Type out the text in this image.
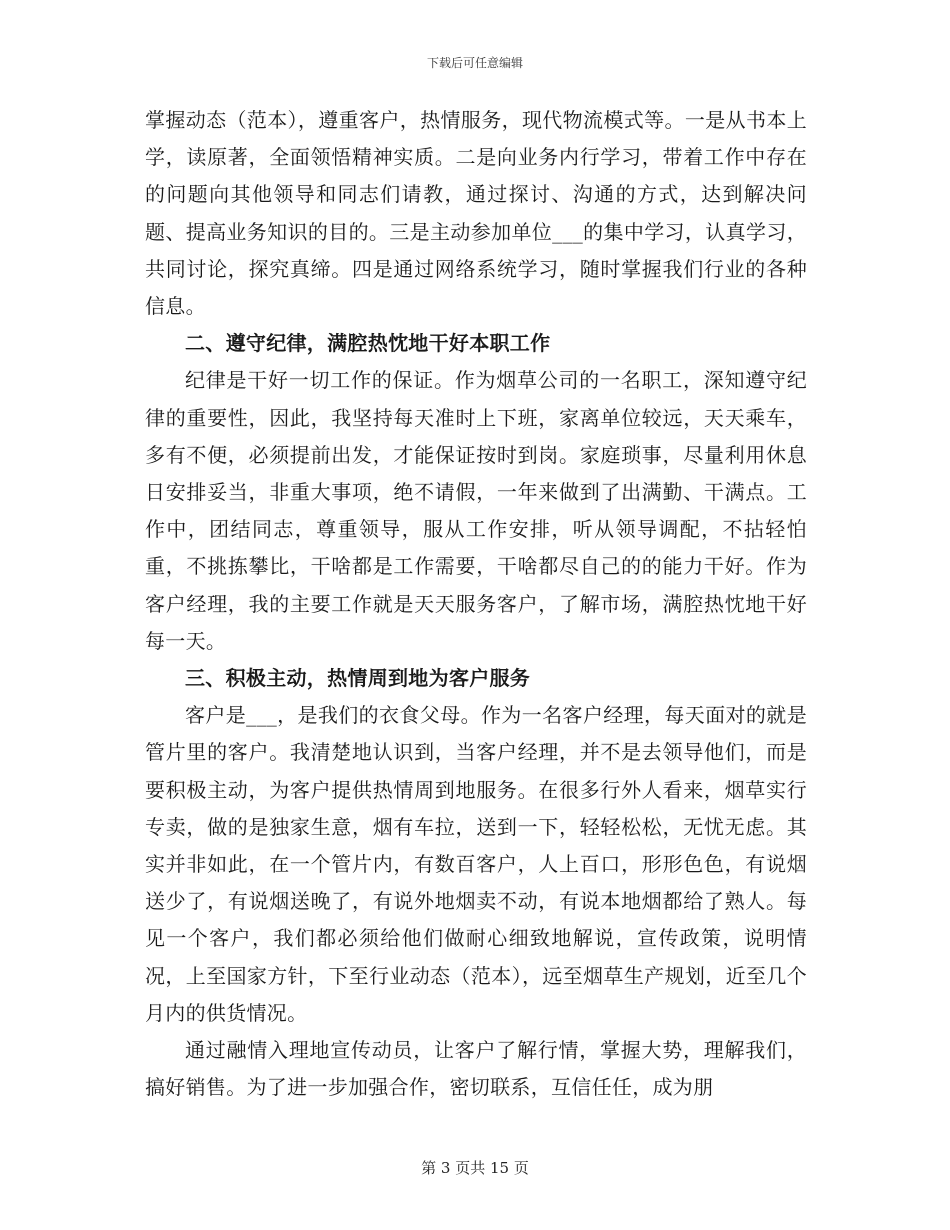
下载后可任意编辑

掌握动态（范本），遵重客户，热情服务，现代物流模式等。一是从书本上学，读原著，全面领悟精神实质。二是向业务内行学习，带着工作中存在的问题向其他领导和同志们请教，通过探讨、沟通的方式，达到解决问题、提高业务知识的目的。三是主动参加单位___的集中学习，认真学习，共同讨论，探究真缔。四是通过网络系统学习，随时掌握我们行业的各种信息。

二、遵守纪律，满腔热忱地干好本职工作

纪律是干好一切工作的保证。作为烟草公司的一名职工，深知遵守纪律的重要性，因此，我坚持每天准时上下班，家离单位较远，天天乘车，多有不便，必须提前出发，才能保证按时到岗。家庭琐事，尽量利用休息日安排妥当，非重大事项，绝不请假，一年来做到了出满勤、干满点。工作中，团结同志，尊重领导，服从工作安排，听从领导调配，不拈轻怕重，不挑拣攀比，干啥都是工作需要，干啥都尽自己的的能力干好。作为客户经理，我的主要工作就是天天服务客户，了解市场，满腔热忱地干好每一天。

三、积极主动，热情周到地为客户服务

客户是___，是我们的衣食父母。作为一名客户经理，每天面对的就是管片里的客户。我清楚地认识到，当客户经理，并不是去领导他们，而是要积极主动，为客户提供热情周到地服务。在很多行外人看来，烟草实行专卖，做的是独家生意，烟有车拉，送到一下，轻轻松松，无忧无虑。其实并非如此，在一个管片内，有数百客户，人上百口，形形色色，有说烟送少了，有说烟送晚了，有说外地烟卖不动，有说本地烟都给了熟人。每见一个客户，我们都必须给他们做耐心细致地解说，宣传政策，说明情况，上至国家方针，下至行业动态（范本），远至烟草生产规划，近至几个月内的供货情况。

通过融情入理地宣传动员，让客户了解行情，掌握大势，理解我们，搞好销售。为了进一步加强合作，密切联系，互信任任，成为朋

第 3 页共 15 页
